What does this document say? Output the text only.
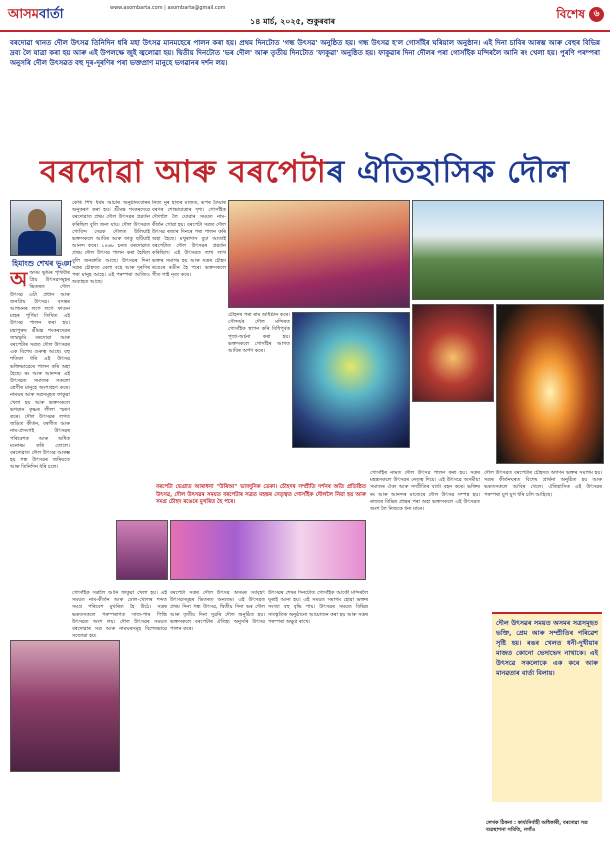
আসমবাৰ্তা	www.asombarta.com | asombarta@gmail.com
১৪ মাৰ্চ, ২০২৫, শুকুৰবাৰ
বিশেষ ৬

বৰদোৱা থানত দৌল উৎসৱ তিনিদিন ধৰি মহা উৎসৱ মানমহেৰে পালন কৰা হয়। প্ৰথম দিনটোত 'গন্ধ উৎসৱ' অনুষ্ঠিত হয়। গন্ধ উৎসৱ হ'ল গোসাঁইৰ ঘৰিয়াল অনুষ্ঠান। এই দিনা চাবিৰ আৰম্ভ আৰু বেহুৰ বিভিন্ন দ্ৰব্য লৈ যাত্ৰা কৰা হয় আৰু এই উপলক্ষে জুই জ্বলোৱা হয়। দ্বিতীয় দিনটোত 'ভৰ দৌল' আৰু তৃতীয় দিনটোত 'ফাকুৱা' অনুষ্ঠিত হয়। ফাকুৱাৰ দিনা দৌলৰ পৰা গোসাঁইক মন্দিৰলৈ আনি ৰং খেলা হয়। পুৰণি পৰম্পৰা অনুসৰি দৌল উৎসৱত বহু দূৰ-দূৰণিৰ পৰা ভক্তপ্ৰাণ মানুহে ভগৱানৰ দৰ্শন লয়।

বৰদোৱা আৰু বৰপেটাৰ ঐতিহাসিক দৌল
হিমাংশু শেখৰ ভূঞা
অঅসম ভূমিৰ পৃথিবীৰ প্ৰিয় উৎসৱসমূহৰ ভিতৰত দৌল উৎসৱ এটা প্ৰধান আৰু জনপ্ৰিয় উৎসৱ। বসন্তৰ আগমনৰ লগে লগে ফাগুন মাহৰ পূৰ্ণিমা তিথিত এই উৎসৱ পালন কৰা হয়। মহাপুৰুষ শ্ৰীমন্ত শংকৰদেৱৰ জন্মভূমি বৰদোৱা আৰু বৰপেটাৰ সত্ৰত দৌল উৎসৱৰ এক বিশেষ গুৰুত্ব আছে। বহু শতিকা ধৰি এই উৎসৱ ভক্তিভাৱেৰে পালন কৰি অহা হৈছে। ৰং আৰু আনন্দৰ এই উৎসৱত সমাজৰ সকলো শ্ৰেণীৰ মানুহে অংশগ্ৰহণ কৰে। নামঘৰ আৰু সত্ৰসমূহত ফাকুৱা খেলা হয় আৰু ভক্তসকলে ভগৱান কৃষ্ণৰ লীলা স্মৰণ কৰে। দৌল উৎসৱৰ লগত জড়িত কীৰ্তন, বৰগীত আৰু নাম-প্ৰসংগই উৎসৱৰ পৰিবেশক আৰু অধিক মনোৰম কৰি তোলে। বৰদোৱাত দৌল উৎসৱ আৰম্ভ হয় গন্ধ উৎসৱৰ জৰিয়তে আৰু তিনিদিন ধৰি চলে।
কেৰি শিখ ধৰ্মৰ আচাৰ অনুষ্ঠানবোৰৰ অনুকৰণ কৰা হয়। শ্ৰীমন্ত শংকৰদেৱে বৰদোৱাত প্ৰথম দৌল উৎসৱৰ প্ৰৱৰ্তন কৰিছিল বুলি জনা যায়। দৌল উৎসৱত গোবিন্দ দেৱক দৌলত উলিয়াই ভক্তসকলে আবিৰ আৰু ফাকু ছটিয়াই আনন্দ কৰে। ১৪৬৮ চনত বৰদোৱাত প্ৰথম দৌল উৎসৱ পালন কৰা হৈছিল বুলি জনশ্ৰুতি আছে। উৎসৱৰ দিনা সত্ৰৰ চৌহদত মেলা বহে আৰু দূৰণিৰ পৰা মানুহ আহে। এই পৰম্পৰা আজিও অব্যাহত আছে।
নিত্য নুৰ হাতৰ মাজত, ৰূপৰ তৈয়াৰ বৰণৰ শোভাযাত্ৰাৰ দৃশ্য। গোসাঁইক দৌললৈ লৈ যোৱাৰ সময়ত নাম-কীৰ্তন গোৱা হয়। বৰপেটা সত্ৰত দৌল উৎসৱ ৰজাৰ দিনৰে পৰা পালন কৰি অহা হৈছে। মথুৰাদাস বুঢ়া আতাই বৰপেটাত দৌল উৎসৱৰ প্ৰৱৰ্তন কৰিছিল। এই উৎসৱত লাখ লাখ ভক্তৰ সমাগম হয় আৰু সত্ৰৰ চৌহদ ৰঙেৰে ৰঙীন হৈ পৰে। ভক্তসকলে গীত গাই নৃত্য কৰে।
চৌহদৰ পৰা ৰাম অধিষ্ঠান কৰে। সৌন্দৰ্যৰ দৌল মন্দিৰত গোসাঁইক স্থাপন কৰি বিধিপূৰ্বক পূজা-অৰ্চনা কৰা হয়। ভক্তসকলে গোসাঁইৰ আগত আবিৰ অৰ্পণ কৰে।
গোসাঁইক সত্ৰলৈ আনি ফাকুৱা খেলা হয়। এই সময়ত নাম-কীৰ্তন আৰু ঢোল-খোলৰ শব্দত সমগ্ৰ পৰিবেশ মুখৰিত হৈ উঠে। সত্ৰৰ ভকতসকলে পৰম্পৰাগত সাজ-পাৰ পিন্ধি উৎসৱত অংশ লয়। দৌল উৎসৱৰ সময়ত বৰদোৱাৰ সত্ৰ আৰু নামঘৰসমূহ বিশেষভাৱে সজোৱা হয়।
বৰপেটা সত্ৰৰ দৌল উৎসৱ অসমৰ সৰ্ববৃহৎ উৎসৱসমূহৰ ভিতৰত অন্যতম। এই উৎসৱত প্ৰথম দিনা গন্ধ উৎসৱ, দ্বিতীয় দিনা ভৰ দৌল আৰু তৃতীয় দিনা সুৱৰি দৌল অনুষ্ঠিত হয়। ভক্তসকলে বৰপেটাৰ ঐতিহ্য অনুসৰি উৎসৱ পালন কৰে।
উৎসৱৰ শেষৰ দিনটোত গোসাঁইক আকৌ মন্দিৰলৈ ঘূৰাই আনা হয়। এই সময়ত সমাগম হোৱা ভক্তৰ সংখ্যা বহু বৃদ্ধি পায়। উৎসৱৰ সময়ত বিভিন্ন সাংস্কৃতিক অনুষ্ঠানো আয়োজন কৰা হয় আৰু সত্ৰৰ পৰম্পৰা অক্ষুণ্ণ ৰাখে।
গোসাঁইৰ নামত দৌল উৎসৱ পালন কৰা হয়। সত্ৰৰ মহন্তসকলে উৎসৱৰ নেতৃত্ব দিয়ে। এই উৎসৱে অসমীয়া সমাজৰ ঐক্য আৰু সম্প্ৰীতিৰ বাৰ্তা বহন কৰে। ভক্তিৰ ৰং আৰু আনন্দৰ মাজেৰে দৌল উৎসৱ সম্পন্ন হয়। ৰাজ্যৰ বিভিন্ন প্ৰান্তৰ পৰা অহা ভক্তসকলে এই উৎসৱত অংশ লৈ নিজকে ধন্য মানে।
দৌল উৎসৱত বৰপেটাৰ চৌহদত অগণন ভক্তৰ সমাগম হয়। সত্ৰৰ কীৰ্তনঘৰত বিশেষ প্ৰাৰ্থনা অনুষ্ঠিত হয় আৰু ভকতসকলে আবিৰ খেলে। ঐতিহাসিক এই উৎসৱৰ পৰম্পৰা যুগ যুগ ধৰি চলি আহিছে।

বৰপেটা ভেগ্ৰাত আৰাধনা "উৰিআ" ভাবদুনিক ডেকা। চৌহদৰ সম্প্ৰীতি দৰ্শনৰ অতি প্ৰতিষ্ঠিত উৎসৱ, দৌল উৎসৱৰ সময়ত বৰপেটাৰ সত্ৰত মহন্তৰ নেতৃত্বত গোসাঁইক দৌললৈ নিয়া হয় আৰু সমগ্ৰ চৌহদ ৰঙেৰে মুখৰিত হৈ পৰে।

দৌল উৎসৱৰ সময়ত অসমৰ সত্ৰসমূহত ভক্তি, প্ৰেম আৰু সম্প্ৰীতিৰ পৰিৱেশ সৃষ্টি হয়। ৰঙৰ খেলত ধনী-দুখীয়াৰ মাজত কোনো ভেদাভেদ নাথাকে। এই উৎসৱে সকলোকে এক কৰে আৰু মানৱতাৰ বাৰ্তা বিলায়।
লেখক ঠিকনা : কাৰ্য্যনিৰ্বাহী অধিকাৰী, বৰদোৱা সত্ৰ ব্যৱস্থাপনা সমিতি, নগাঁও
